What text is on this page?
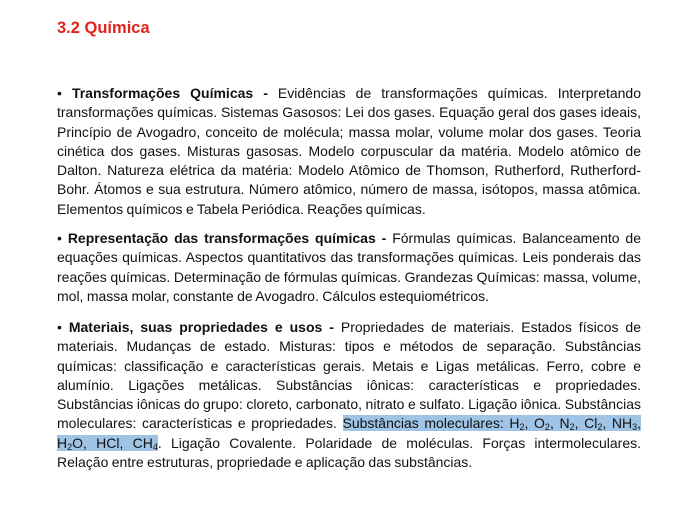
3.2 Química

• Transformações Químicas - Evidências de transformações químicas. Interpretando transformações químicas. Sistemas Gasosos: Lei dos gases. Equação geral dos gases ideais, Princípio de Avogadro, conceito de molécula; massa molar, volume molar dos gases. Teoria cinética dos gases. Misturas gasosas. Modelo corpuscular da matéria. Modelo atômico de Dalton. Natureza elétrica da matéria: Modelo Atômico de Thomson, Rutherford, Rutherford-Bohr. Átomos e sua estrutura. Número atômico, número de massa, isótopos, massa atômica. Elementos químicos e Tabela Periódica. Reações químicas.

• Representação das transformações químicas - Fórmulas químicas. Balanceamento de equações químicas. Aspectos quantitativos das transformações químicas. Leis ponderais das reações químicas. Determinação de fórmulas químicas. Grandezas Químicas: massa, volume, mol, massa molar, constante de Avogadro. Cálculos estequiométricos.

• Materiais, suas propriedades e usos - Propriedades de materiais. Estados físicos de materiais. Mudanças de estado. Misturas: tipos e métodos de separação. Substâncias químicas: classificação e características gerais. Metais e Ligas metálicas. Ferro, cobre e alumínio. Ligações metálicas. Substâncias iônicas: características e propriedades. Substâncias iônicas do grupo: cloreto, carbonato, nitrato e sulfato. Ligação iônica. Substâncias moleculares: características e propriedades. Substâncias moleculares: $H_2$, $O_2$, $N_2$, $Cl_2$, $NH_3$, $H_2O$, HCl, $CH_4$. Ligação Covalente. Polaridade de moléculas. Forças intermoleculares. Relação entre estruturas, propriedade e aplicação das substâncias.
